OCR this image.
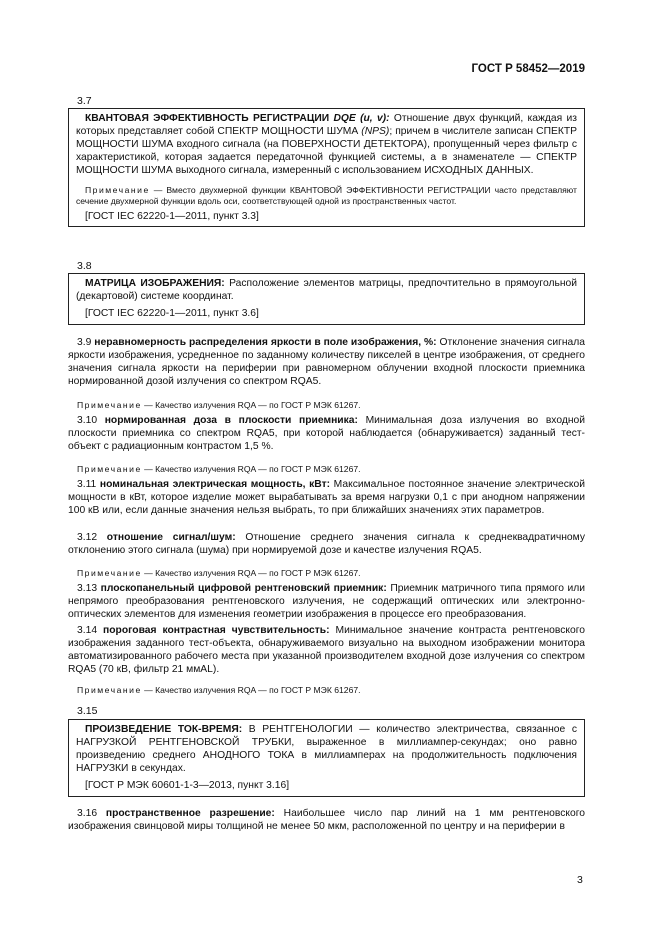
ГОСТ Р 58452—2019
3.7
КВАНТОВАЯ ЭФФЕКТИВНОСТЬ РЕГИСТРАЦИИ DQE (u, v): Отношение двух функций, каждая из которых представляет собой СПЕКТР МОЩНОСТИ ШУМА (NPS); причем в числителе записан СПЕКТР МОЩНОСТИ ШУМА входного сигнала (на ПОВЕРХНОСТИ ДЕТЕКТОРА), пропущенный через фильтр с характеристикой, которая задается передаточной функцией системы, а в знаменателе — СПЕКТР МОЩНОСТИ ШУМА выходного сигнала, измеренный с использованием ИСХОДНЫХ ДАННЫХ.
Примечание — Вместо двухмерной функции КВАНТОВОЙ ЭФФЕКТИВНОСТИ РЕГИСТРАЦИИ часто представляют сечение двухмерной функции вдоль оси, соответствующей одной из пространственных частот.
[ГОСТ IEC 62220-1—2011, пункт 3.3]
3.8
МАТРИЦА ИЗОБРАЖЕНИЯ: Расположение элементов матрицы, предпочтительно в прямоугольной (декартовой) системе координат.
[ГОСТ IEC 62220-1—2011, пункт 3.6]
3.9 неравномерность распределения яркости в поле изображения, %: Отклонение значения сигнала яркости изображения, усредненное по заданному количеству пикселей в центре изображения, от среднего значения сигнала яркости на периферии при равномерном облучении входной плоскости приемника нормированной дозой излучения со спектром RQA5.
Примечание — Качество излучения RQA — по ГОСТ Р МЭК 61267.
3.10 нормированная доза в плоскости приемника: Минимальная доза излучения во входной плоскости приемника со спектром RQA5, при которой наблюдается (обнаруживается) заданный тест-объект с радиационным контрастом 1,5 %.
Примечание — Качество излучения RQA — по ГОСТ Р МЭК 61267.
3.11 номинальная электрическая мощность, кВт: Максимальное постоянное значение электрической мощности в кВт, которое изделие может вырабатывать за время нагрузки 0,1 с при анодном напряжении 100 кВ или, если данные значения нельзя выбрать, то при ближайших значениях этих параметров.
3.12 отношение сигнал/шум: Отношение среднего значения сигнала к среднеквадратичному отклонению этого сигнала (шума) при нормируемой дозе и качестве излучения RQA5.
Примечание — Качество излучения RQA — по ГОСТ Р МЭК 61267.
3.13 плоскопанельный цифровой рентгеновский приемник: Приемник матричного типа прямого или непрямого преобразования рентгеновского излучения, не содержащий оптических или электронно-оптических элементов для изменения геометрии изображения в процессе его преобразования.
3.14 пороговая контрастная чувствительность: Минимальное значение контраста рентгеновского изображения заданного тест-объекта, обнаруживаемого визуально на выходном изображении монитора автоматизированного рабочего места при указанной производителем входной дозе излучения со спектром RQA5 (70 кВ, фильтр 21 ммAL).
Примечание — Качество излучения RQA — по ГОСТ Р МЭК 61267.
3.15
ПРОИЗВЕДЕНИЕ ТОК-ВРЕМЯ: В РЕНТГЕНОЛОГИИ — количество электричества, связанное с НАГРУЗКОЙ РЕНТГЕНОВСКОЙ ТРУБКИ, выраженное в миллиампер-секундах; оно равно произведению среднего АНОДНОГО ТОКА в миллиамперах на продолжительность подключения НАГРУЗКИ в секундах.
[ГОСТ Р МЭК 60601-1-3—2013, пункт 3.16]
3.16 пространственное разрешение: Наибольшее число пар линий на 1 мм рентгеновского изображения свинцовой миры толщиной не менее 50 мкм, расположенной по центру и на периферии в
3
